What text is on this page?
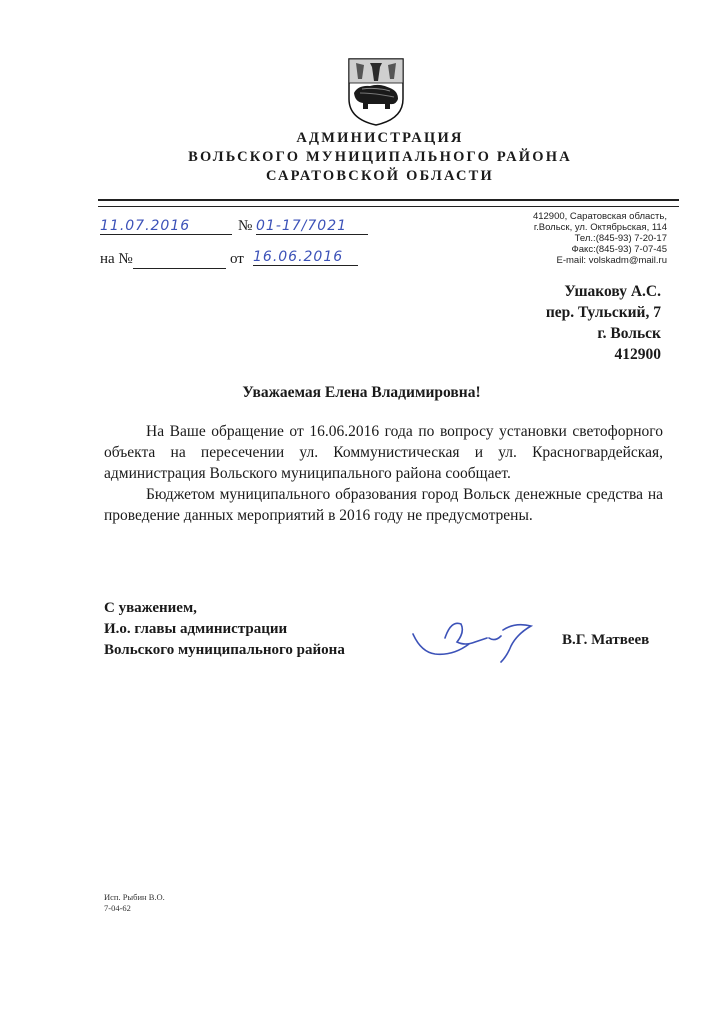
АДМИНИСТРАЦИЯ
ВОЛЬСКОГО МУНИЦИПАЛЬНОГО РАЙОНА
САРАТОВСКОЙ ОБЛАСТИ
11.07.2016	№ 01-17/7021
на №	от 16.06.2016
412900, Саратовская область,
г.Вольск, ул. Октябрьская, 114
Тел.:(845-93) 7-20-17
Факс:(845-93) 7-07-45
E-mail: volskadm@mail.ru
Ушакову А.С.
пер. Тульский, 7
г. Вольск
412900
Уважаемая Елена Владимировна!

На Ваше обращение от 16.06.2016 года по вопросу установки светофорного объекта на пересечении ул. Коммунистическая и ул. Красногвардейская, администрация Вольского муниципального района сообщает.

Бюджетом муниципального образования город Вольск денежные средства на проведение данных мероприятий в 2016 году не предусмотрены.

С уважением,
И.о. главы администрации
Вольского муниципального района
В.Г. Матвеев
Исп. Рыбин В.О.
7-04-62
